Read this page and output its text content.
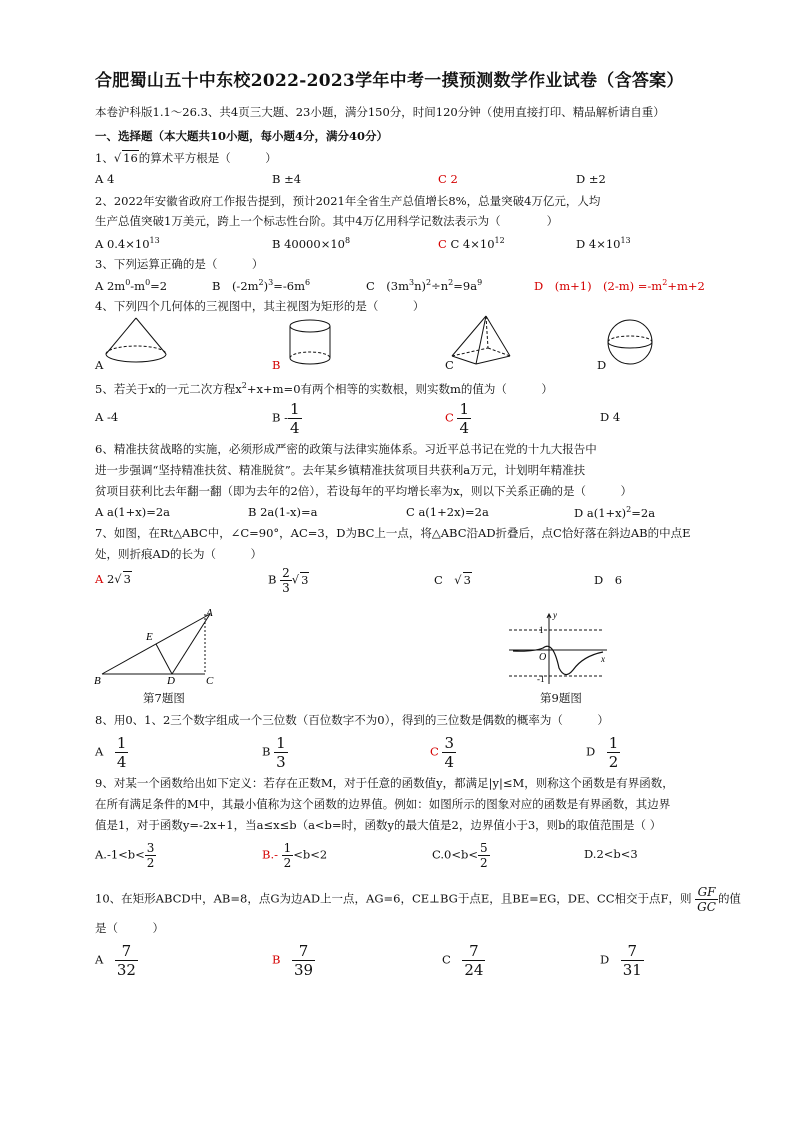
合肥蜀山五十中东校2022-2023学年中考一摸预测数学作业试卷（含答案）
本卷沪科版1.1～26.3、共4页三大题、23小题，满分150分，时间120分钟（使用直接打印、精品解析请自重）
一、选择题（本大题共10小题，每小题4分，满分40分）
1、√ 16的算术平方根是（　　　）
A 4	B ±4	C 2	D ±2
2、2022年安徽省政府工作报告提到，预计2021年全省生产总值增长8%，总量突破4万亿元，人均
生产总值突破1万美元，跨上一个标志性台阶。其中4万亿用科学记数法表示为（　　　　）
A $0.4\times 10^{13}$	B $40000\times 10^8$	C C $4\times 10^{12}$	D $4\times 10^{13}$
3、下列运算正确的是（　　　）
A $2m^0-m^0=2$	B　$(-2m^2)^3=-6m^6$	C　$(3m^3n)^2\div n^2=9a^9$	D　(m+1)　$(2-m) =-m^2+m+2$
4、下列四个几何体的三视图中，其主视图为矩形的是（　　　）
A	B	C	D
5、若关于x的一元二次方程$x^2+x+m=0$有两个相等的实数根，则实数m的值为（　　　）
A -4	B - $\frac{1}{4}$	C $\frac{1}{4}$	D 4
6、精准扶贫战略的实施，必须形成严密的政策与法律实施体系。习近平总书记在党的十九大报告中
进一步强调“坚持精准扶贫、精准脱贫”。去年某乡镇精准扶贫项目共获利a万元，计划明年精准扶
贫项目获利比去年翻一翻（即为去年的2倍），若设每年的平均增长率为x，则以下关系正确的是（　　　）
A a(1+x)=2a	B 2a(1-x)=a	C a(1+2x)=2a	D $a(1+x)^2=2a$
7、如图，在Rt△ABC中，∠C=90°，AC=3，D为BC上一点，将△ABC沿AD折叠后，点C恰好落在斜边AB的中点E
处，则折痕AD的长为（　　　）
A 2√ 3	B $\frac{2}{3}$ √ 3	C　√ 3	D　6
A
B	C
D
E
第7题图
y
x
1
-1
O
第9题图
8、用0、1、2三个数字组成一个三位数（百位数字不为0），得到的三位数是偶数的概率为（　　　）
A　 $\frac{1}{4}$	B $\frac{1}{3}$	C $\frac{3}{4}$	D　 $\frac{1}{2}$
9、对某一个函数给出如下定义：若存在正数M，对于任意的函数值y，都满足|y|≤M，则称这个函数是有界函数，
在所有满足条件的M中，其最小值称为这个函数的边界值。例如：如图所示的图象对应的函数是有界函数，其边界
值是1，对于函数y=-2x+1，当a≤x≤b（a<b=时，函数y的最大值是2，边界值小于3，则b的取值范围是（ ）
$A.-1<b< \frac{3}{2}$	$B.- \frac{1}{2} <b<2$	$C.0<b< \frac{5}{2}$	D.2<b<3
10、在矩形ABCD中，AB=8，点G为边AD上一点，AG=6，CE⊥BG于点E，且BE=EG，DE、CC相交于点F，则 $\frac{GF}{GC}$ 的值
是（　　　）
A　 $\frac{7}{32}$	B　 $\frac{7}{39}$	C　 $\frac{7}{24}$	D　 $\frac{7}{31}$
